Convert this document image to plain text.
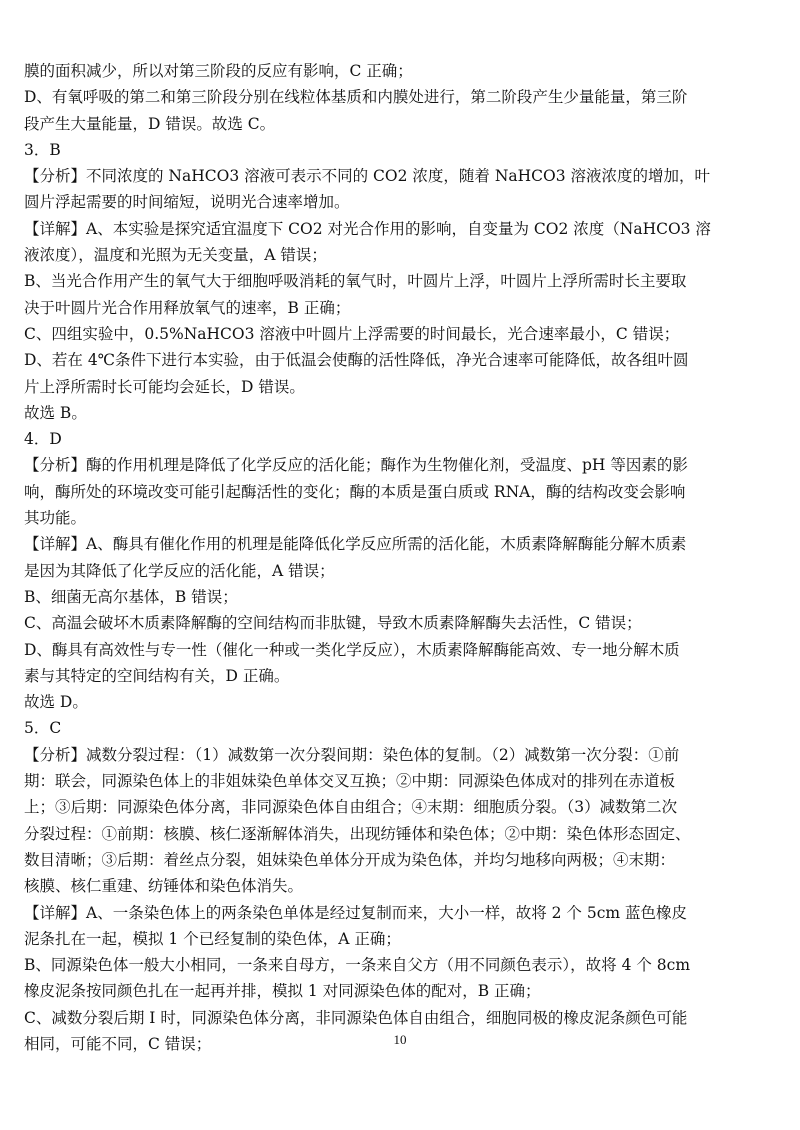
膜的面积减少，所以对第三阶段的反应有影响，C 正确；
D、有氧呼吸的第二和第三阶段分别在线粒体基质和内膜处进行，第二阶段产生少量能量，第三阶
段产生大量能量，D 错误。故选 C。
3．B
【分析】不同浓度的 NaHCO3 溶液可表示不同的 CO2 浓度，随着 NaHCO3 溶液浓度的增加，叶
圆片浮起需要的时间缩短，说明光合速率增加。
【详解】A、本实验是探究适宜温度下 CO2 对光合作用的影响，自变量为 CO2 浓度（NaHCO3 溶
液浓度），温度和光照为无关变量，A 错误；
B、当光合作用产生的氧气大于细胞呼吸消耗的氧气时，叶圆片上浮，叶圆片上浮所需时长主要取
决于叶圆片光合作用释放氧气的速率，B 正确；
C、四组实验中，0.5%NaHCO3 溶液中叶圆片上浮需要的时间最长，光合速率最小，C 错误；
D、若在 4℃条件下进行本实验，由于低温会使酶的活性降低，净光合速率可能降低，故各组叶圆
片上浮所需时长可能均会延长，D 错误。
故选 B。
4．D
【分析】酶的作用机理是降低了化学反应的活化能；酶作为生物催化剂，受温度、pH 等因素的影
响，酶所处的环境改变可能引起酶活性的变化；酶的本质是蛋白质或 RNA，酶的结构改变会影响
其功能。
【详解】A、酶具有催化作用的机理是能降低化学反应所需的活化能，木质素降解酶能分解木质素
是因为其降低了化学反应的活化能，A 错误；
B、细菌无高尔基体，B 错误；
C、高温会破坏木质素降解酶的空间结构而非肽键，导致木质素降解酶失去活性，C 错误；
D、酶具有高效性与专一性（催化一种或一类化学反应），木质素降解酶能高效、专一地分解木质
素与其特定的空间结构有关，D 正确。
故选 D。
5．C
【分析】减数分裂过程：（1）减数第一次分裂间期：染色体的复制。（2）减数第一次分裂：①前
期：联会，同源染色体上的非姐妹染色单体交叉互换；②中期：同源染色体成对的排列在赤道板
上；③后期：同源染色体分离，非同源染色体自由组合；④末期：细胞质分裂。（3）减数第二次
分裂过程：①前期：核膜、核仁逐渐解体消失，出现纺锤体和染色体；②中期：染色体形态固定、
数目清晰；③后期：着丝点分裂，姐妹染色单体分开成为染色体，并均匀地移向两极；④末期：
核膜、核仁重建、纺锤体和染色体消失。
【详解】A、一条染色体上的两条染色单体是经过复制而来，大小一样，故将 2 个 5cm 蓝色橡皮
泥条扎在一起，模拟 1 个已经复制的染色体，A 正确；
B、同源染色体一般大小相同，一条来自母方，一条来自父方（用不同颜色表示），故将 4 个 8cm
橡皮泥条按同颜色扎在一起再并排，模拟 1 对同源染色体的配对，B 正确；
C、减数分裂后期 I 时，同源染色体分离，非同源染色体自由组合，细胞同极的橡皮泥条颜色可能
相同，可能不同，C 错误；	10
